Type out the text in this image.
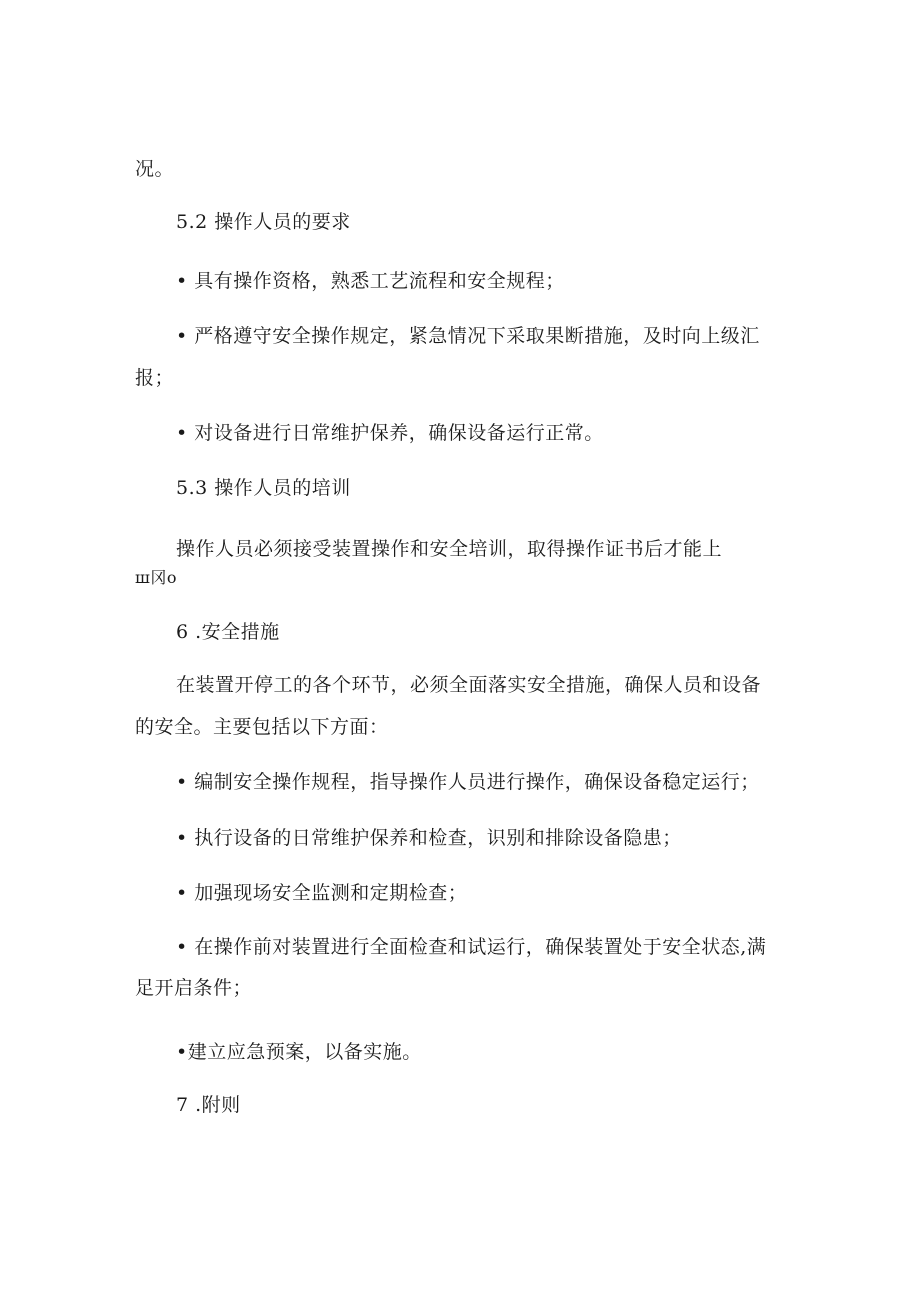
况。
5.2 操作人员的要求
• 具有操作资格，熟悉工艺流程和安全规程；
• 严格遵守安全操作规定，紧急情况下采取果断措施，及时向上级汇
报；
• 对设备进行日常维护保养，确保设备运行正常。
5.3 操作人员的培训
操作人员必须接受装置操作和安全培训，取得操作证书后才能上
ш冈о
6 .安全措施
在装置开停工的各个环节，必须全面落实安全措施，确保人员和设备
的安全。主要包括以下方面：
• 编制安全操作规程，指导操作人员进行操作，确保设备稳定运行；
• 执行设备的日常维护保养和检查，识别和排除设备隐患；
• 加强现场安全监测和定期检查；
• 在操作前对装置进行全面检查和试运行，确保装置处于安全状态,满
足开启条件；
•建立应急预案，以备实施。
7 .附则
